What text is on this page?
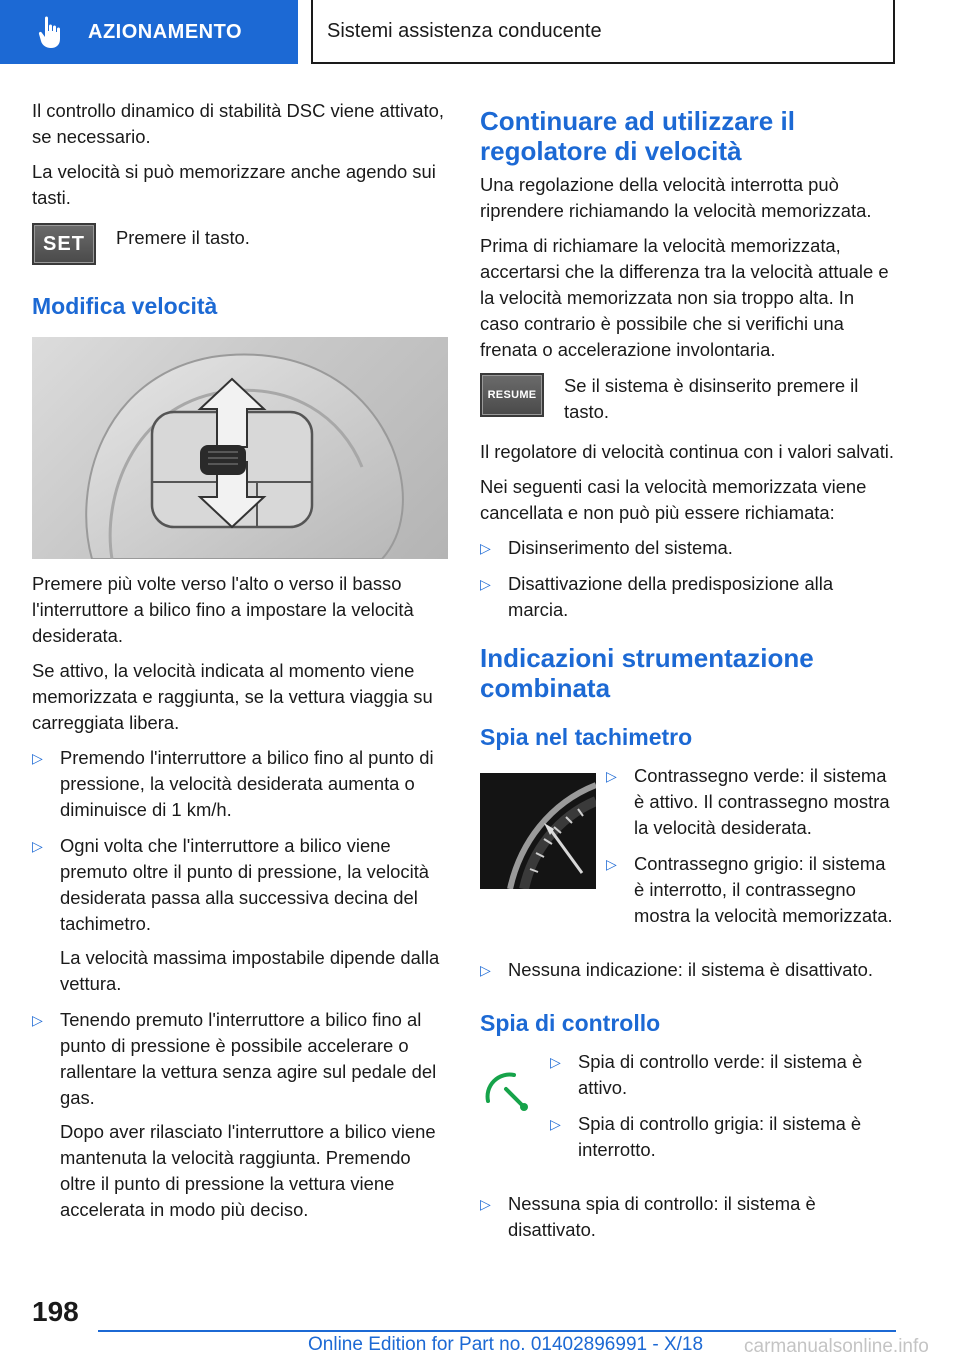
AZIONAMENTO	Sistemi assistenza conducente

Il controllo dinamico di stabilità DSC viene attivato, se necessario.

La velocità si può memorizzare anche agendo sui tasti.

SET Premere il tasto.
Modifica velocità

Premere più volte verso l'alto o verso il basso l'interruttore a bilico fino a impostare la velocità desiderata.

Se attivo, la velocità indicata al momento viene memorizzata e raggiunta, se la vettura viaggia su carreggiata libera.

▷ Premendo l'interruttore a bilico fino al punto di pressione, la velocità desiderata aumenta o diminuisce di 1 km/h.
▷ Ogni volta che l'interruttore a bilico viene premuto oltre il punto di pressione, la velocità desiderata passa alla successiva decina del tachimetro.
La velocità massima impostabile dipende dalla vettura.
▷ Tenendo premuto l'interruttore a bilico fino al punto di pressione è possibile accelerare o rallentare la vettura senza agire sul pedale del gas.
Dopo aver rilasciato l'interruttore a bilico viene mantenuta la velocità raggiunta. Premendo oltre il punto di pressione la vettura viene accelerata in modo più deciso.
Continuare ad utilizzare il regolatore di velocità

Una regolazione della velocità interrotta può riprendere richiamando la velocità memorizzata.

Prima di richiamare la velocità memorizzata, accertarsi che la differenza tra la velocità attuale e la velocità memorizzata non sia troppo alta. In caso contrario è possibile che si verifichi una frenata o accelerazione involontaria.

RESUME Se il sistema è disinserito premere il tasto.

Il regolatore di velocità continua con i valori salvati.

Nei seguenti casi la velocità memorizzata viene cancellata e non può più essere richiamata:

▷ Disinserimento del sistema.
▷ Disattivazione della predisposizione alla marcia.
Indicazioni strumentazione combinata
Spia nel tachimetro
▷ Contrassegno verde: il sistema è attivo. Il contrassegno mostra la velocità desiderata.
▷ Contrassegno grigio: il sistema è interrotto, il contrassegno mostra la velocità memorizzata.
▷ Nessuna indicazione: il sistema è disattivato.
Spia di controllo
▷ Spia di controllo verde: il sistema è attivo.
▷ Spia di controllo grigia: il sistema è interrotto.
▷ Nessuna spia di controllo: il sistema è disattivato.
198
Online Edition for Part no. 01402896991 - X/18 carmanualsonline.info
